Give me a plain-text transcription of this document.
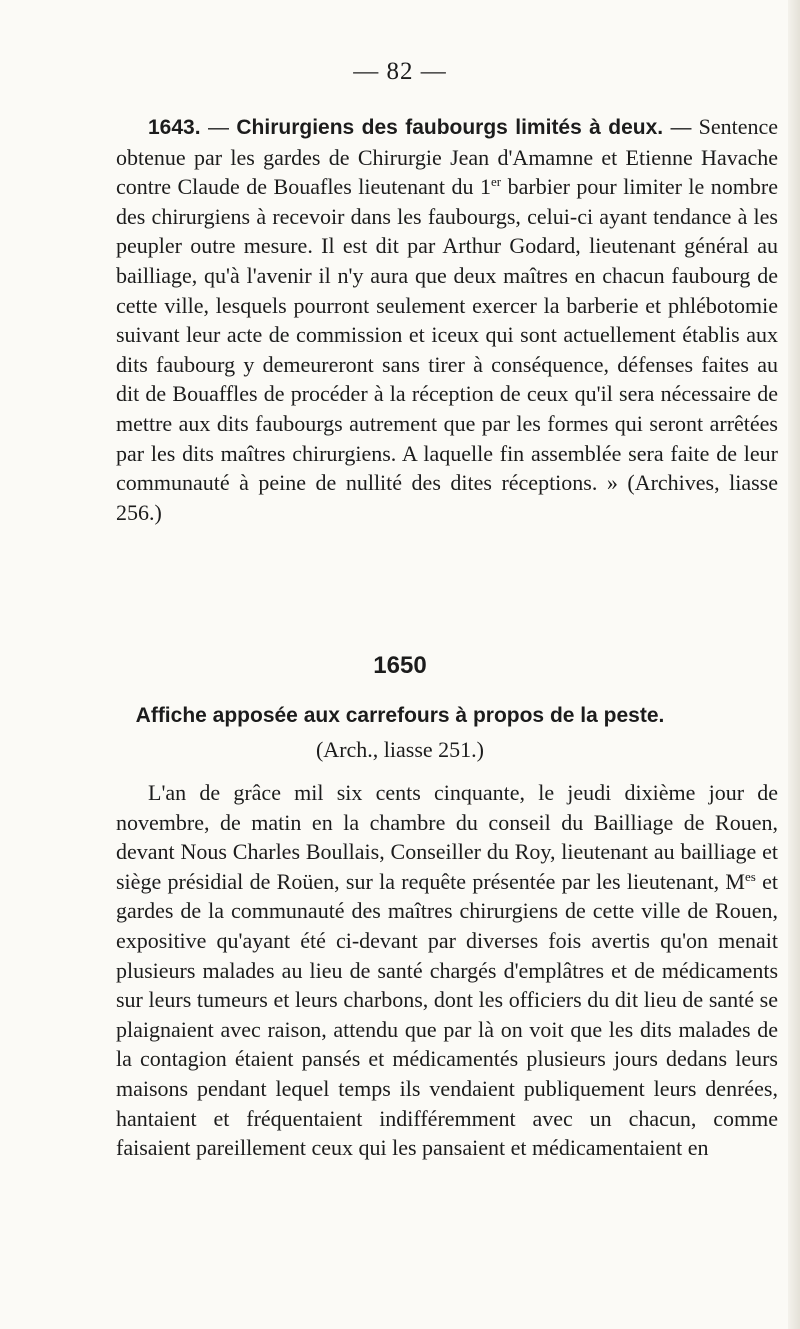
— 82 —

1643. — Chirurgiens des faubourgs limités à deux. — Sentence obtenue par les gardes de Chirurgie Jean d'Amamne et Etienne Havache contre Claude de Bouafles lieutenant du 1er barbier pour limiter le nombre des chirurgiens à recevoir dans les faubourgs, celui-ci ayant tendance à les peupler outre mesure. Il est dit par Arthur Godard, lieutenant général au bailliage, qu'à l'avenir il n'y aura que deux maîtres en chacun faubourg de cette ville, lesquels pourront seulement exercer la barberie et phlébotomie suivant leur acte de commission et iceux qui sont actuellement établis aux dits faubourg y demeureront sans tirer à conséquence, défenses faites au dit de Bouaffles de procéder à la réception de ceux qu'il sera nécessaire de mettre aux dits faubourgs autrement que par les formes qui seront arrêtées par les dits maîtres chirurgiens. A laquelle fin assemblée sera faite de leur communauté à peine de nullité des dites réceptions. » (Archives, liasse 256.)

1650
Affiche apposée aux carrefours à propos de la peste.
(Arch., liasse 251.)

L'an de grâce mil six cents cinquante, le jeudi dixième jour de novembre, de matin en la chambre du conseil du Bailliage de Rouen, devant Nous Charles Boullais, Conseiller du Roy, lieutenant au bailliage et siège présidial de Roüen, sur la requête présentée par les lieutenant, $M^{es}$ et gardes de la communauté des maîtres chirurgiens de cette ville de Rouen, expositive qu'ayant été ci-devant par diverses fois avertis qu'on menait plusieurs malades au lieu de santé chargés d'emplâtres et de médicaments sur leurs tumeurs et leurs charbons, dont les officiers du dit lieu de santé se plaignaient avec raison, attendu que par là on voit que les dits malades de la contagion étaient pansés et médicamentés plusieurs jours dedans leurs maisons pendant lequel temps ils vendaient publiquement leurs denrées, hantaient et fréquentaient indifféremment avec un chacun, comme faisaient pareillement ceux qui les pansaient et médicamentaient en
